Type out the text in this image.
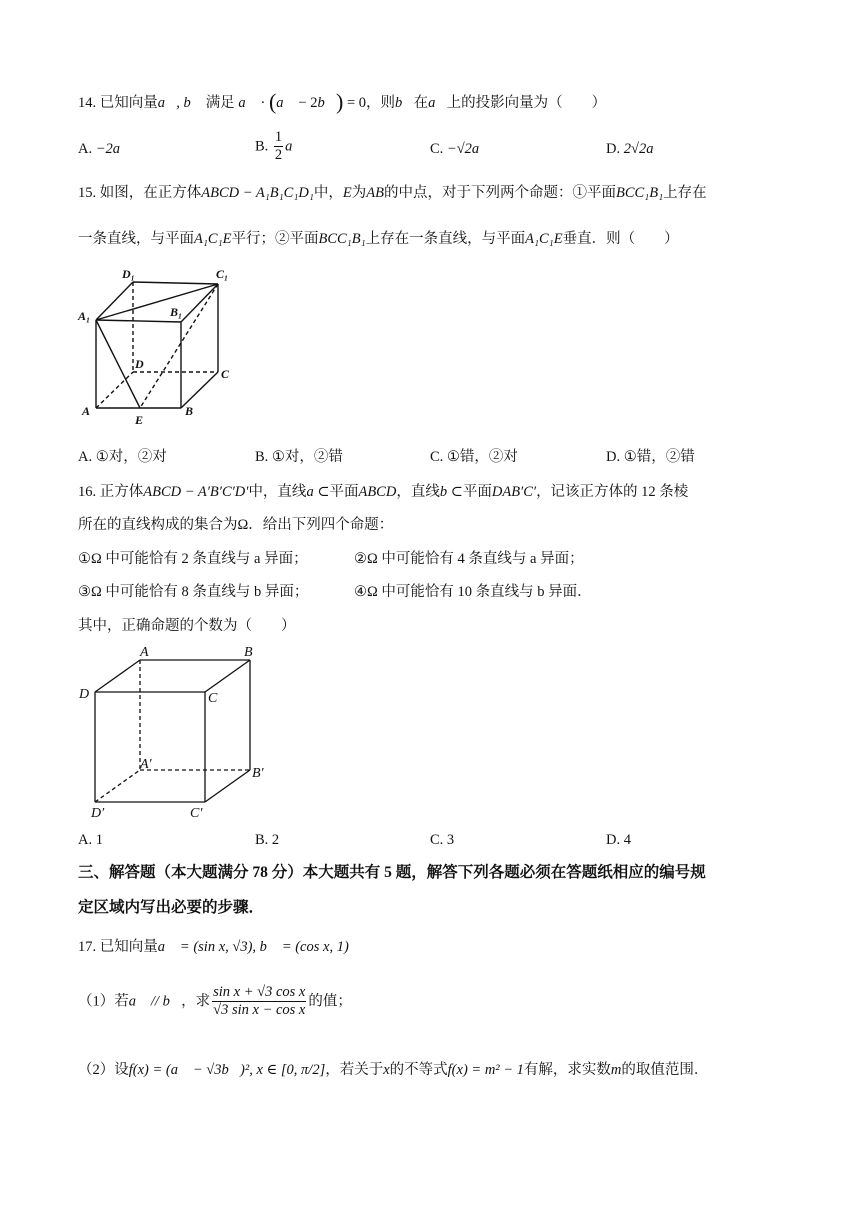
14. 已知向量a⃗, b⃗ 满足 a⃗ · (a⃗ − 2b⃗) = 0，则b⃗在a⃗上的投影向量为（　　）
A. −2a⃗	B. $\frac{1}{2}$ a⃗	C. −√2a⃗	D. 2√2a⃗
15. 如图，在正方体ABCD − A₁B₁C₁D₁中，E为AB的中点，对于下列两个命题：①平面BCC₁B₁上存在
一条直线，与平面A₁C₁E平行；②平面BCC₁B₁上存在一条直线，与平面A₁C₁E垂直．则（　　）
D₁	C₁
A₁	B₁
D
C
A
E
B
A. ①对，②对	B. ①对，②错	C. ①错，②对	D. ①错，②错
16. 正方体ABCD − A′B′C′D′中，直线a ⊂平面ABCD，直线b ⊂平面DAB′C′，记该正方体的 12 条棱
所在的直线构成的集合为Ω．给出下列四个命题：
①Ω 中可能恰有 2 条直线与 a 异面；	②Ω 中可能恰有 4 条直线与 a 异面；
③Ω 中可能恰有 8 条直线与 b 异面；	④Ω 中可能恰有 10 条直线与 b 异面．
其中，正确命题的个数为（　　）
A	B
D	C
A′
B′
D′	C′
A. 1	B. 2	C. 3	D. 4
三、解答题（本大题满分 78 分）本大题共有 5 题，解答下列各题必须在答题纸相应的编号规
定区域内写出必要的步骤．
17. 已知向量a⃗ = (sin x, √3), b⃗ = (cos x, 1)．
（1）若a⃗ // b⃗，求 $\frac{\text{sin x + √3 cos x}}{\text{√3 sin x − cos x}}$ 的值；
（2）设f(x) = (a⃗ − √3b⃗)², x ∈ [0, π/2]，若关于x的不等式f(x) = m² − 1有解，求实数m的取值范围．
